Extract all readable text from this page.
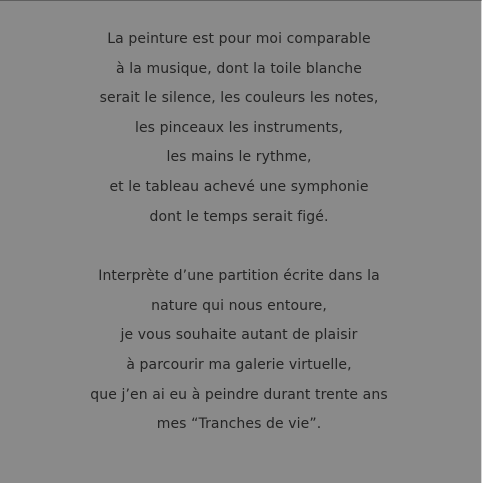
La peinture est pour moi comparable
à la musique, dont la toile blanche
serait le silence, les couleurs les notes,
les pinceaux les instruments,
les mains le rythme,
et le tableau achevé une symphonie
dont le temps serait figé.
Interprète d’une partition écrite dans la
nature qui nous entoure,
je vous souhaite autant de plaisir
à parcourir ma galerie virtuelle,
que j’en ai eu à peindre durant trente ans
mes “Tranches de vie”.
